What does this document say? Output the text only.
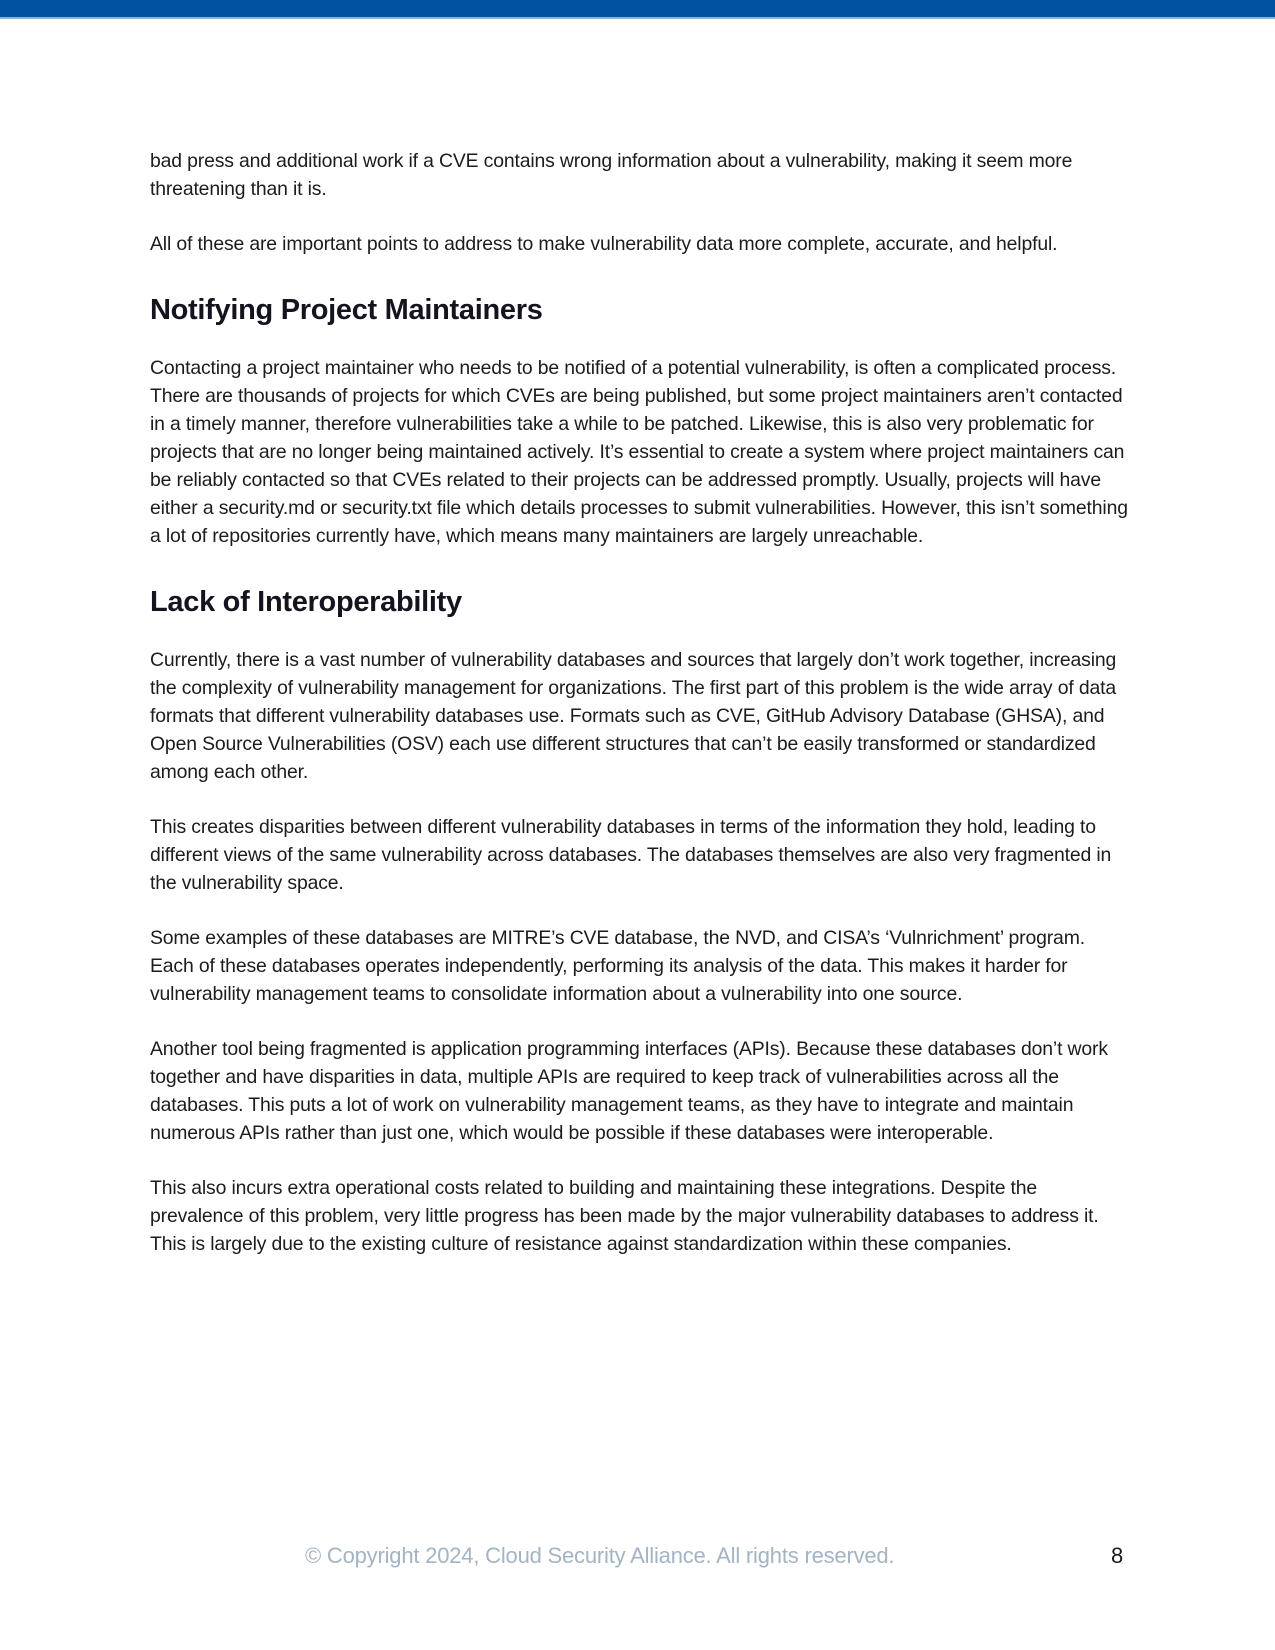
bad press and additional work if a CVE contains wrong information about a vulnerability, making it seem more threatening than it is.

All of these are important points to address to make vulnerability data more complete, accurate, and helpful.

Notifying Project Maintainers

Contacting a project maintainer who needs to be notified of a potential vulnerability, is often a complicated process. There are thousands of projects for which CVEs are being published, but some project maintainers aren’t contacted in a timely manner, therefore vulnerabilities take a while to be patched. Likewise, this is also very problematic for projects that are no longer being maintained actively. It’s essential to create a system where project maintainers can be reliably contacted so that CVEs related to their projects can be addressed promptly. Usually, projects will have either a security.md or security.txt file which details processes to submit vulnerabilities. However, this isn’t something a lot of repositories currently have, which means many maintainers are largely unreachable.

Lack of Interoperability

Currently, there is a vast number of vulnerability databases and sources that largely don’t work together, increasing the complexity of vulnerability management for organizations. The first part of this problem is the wide array of data formats that different vulnerability databases use. Formats such as CVE, GitHub Advisory Database (GHSA), and Open Source Vulnerabilities (OSV) each use different structures that can’t be easily transformed or standardized among each other.

This creates disparities between different vulnerability databases in terms of the information they hold, leading to different views of the same vulnerability across databases. The databases themselves are also very fragmented in the vulnerability space.

Some examples of these databases are MITRE’s CVE database, the NVD, and CISA’s ‘Vulnrichment’ program. Each of these databases operates independently, performing its analysis of the data. This makes it harder for vulnerability management teams to consolidate information about a vulnerability into one source.

Another tool being fragmented is application programming interfaces (APIs). Because these databases don’t work together and have disparities in data, multiple APIs are required to keep track of vulnerabilities across all the databases. This puts a lot of work on vulnerability management teams, as they have to integrate and maintain numerous APIs rather than just one, which would be possible if these databases were interoperable.

This also incurs extra operational costs related to building and maintaining these integrations. Despite the prevalence of this problem, very little progress has been made by the major vulnerability databases to address it. This is largely due to the existing culture of resistance against standardization within these companies.

© Copyright 2024, Cloud Security Alliance. All rights reserved.	8
